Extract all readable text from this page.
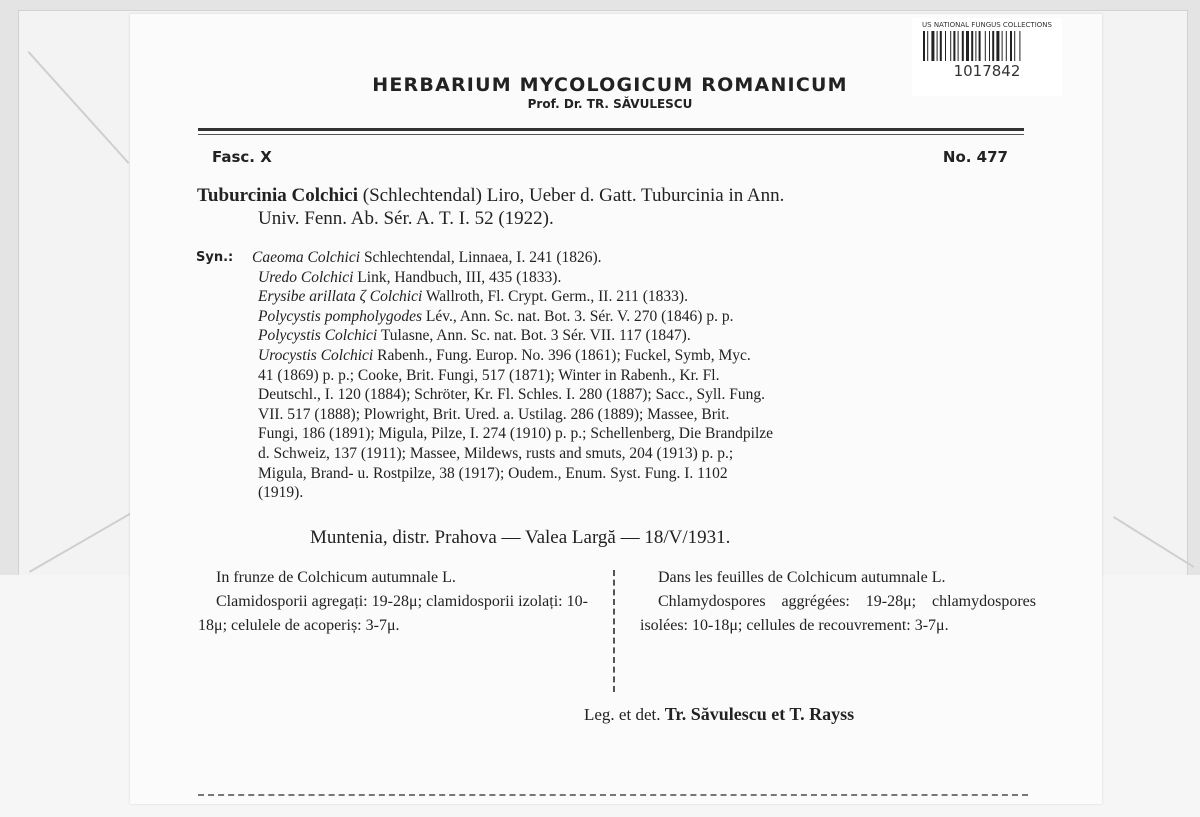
US NATIONAL FUNGUS COLLECTIONS
1017842
HERBARIUM MYCOLOGICUM ROMANICUM
Prof. Dr. TR. SĂVULESCU
Fasc. X	No. 477
Tuburcinia Colchici (Schlechtendal) Liro, Ueber d. Gatt. Tuburcinia in Ann.
Univ. Fenn. Ab. Sér. A. T. I. 52 (1922).
Syn.: Caeoma Colchici Schlechtendal, Linnaea, I. 241 (1826).
Uredo Colchici Link, Handbuch, III, 435 (1833).
Erysibe arillata ζ Colchici Wallroth, Fl. Crypt. Germ., II. 211 (1833).
Polycystis pompholygodes Lév., Ann. Sc. nat. Bot. 3. Sér. V. 270 (1846) p. p.
Polycystis Colchici Tulasne, Ann. Sc. nat. Bot. 3 Sér. VII. 117 (1847).
Urocystis Colchici Rabenh., Fung. Europ. No. 396 (1861); Fuckel, Symb, Myc.
41 (1869) p. p.; Cooke, Brit. Fungi, 517 (1871); Winter in Rabenh., Kr. Fl.
Deutschl., I. 120 (1884); Schröter, Kr. Fl. Schles. I. 280 (1887); Sacc., Syll. Fung.
VII. 517 (1888); Plowright, Brit. Ured. a. Ustilag. 286 (1889); Massee, Brit.
Fungi, 186 (1891); Migula, Pilze, I. 274 (1910) p. p.; Schellenberg, Die Brandpilze
d. Schweiz, 137 (1911); Massee, Mildews, rusts and smuts, 204 (1913) p. p.;
Migula, Brand- u. Rostpilze, 38 (1917); Oudem., Enum. Syst. Fung. I. 1102
(1919).
Muntenia, distr. Prahova — Valea Largă — 18/V/1931.

In frunze de Colchicum autumnale L.

Clamidosporii agregați: 19-28μ; clamidosporii izolați: 10-18μ; celulele de acoperiș: 3-7μ.

Dans les feuilles de Colchicum autumnale L.

Chlamydospores aggrégées: 19-28μ; chlamydospores isolées: 10-18μ; cellules de recouvrement: 3-7μ.

Leg. et det. Tr. Săvulescu et T. Rayss
